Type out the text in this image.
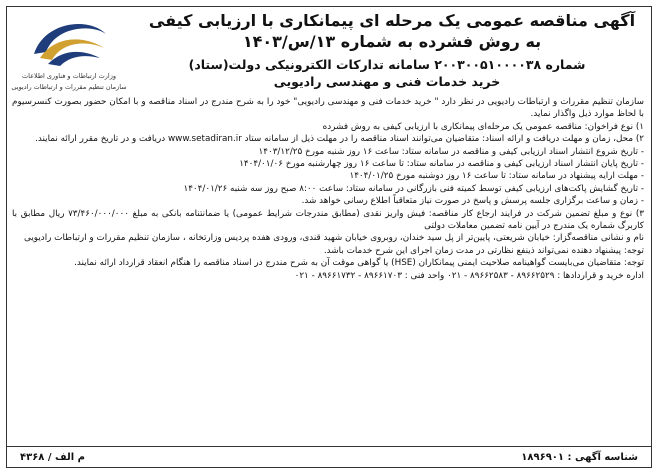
وزارت ارتباطات و فناوری اطلاعات
سازمان تنظیم مقررات و ارتباطات رادیویی
آگهی مناقصه عمومی یک مرحله ای پیمانکاری با ارزیابی کیفی به روش فشرده به شماره ۱۳/س/۱۴۰۳
شماره ۲۰۰۳۰۰۵۱۰۰۰۰۳۸ سامانه تدارکات الکترونیکی دولت(ستاد)
خرید خدمات فنی و مهندسی رادیویی

سازمان تنظیم مقررات و ارتباطات رادیویی در نظر دارد " خرید خدمات فنی و مهندسی رادیویی" خود را به شرح مندرج در اسناد مناقصه و با امکان حضور بصورت کنسرسیوم با لحاظ موارد ذیل واگذار نماید.

۱) نوع فراخوان: مناقصه عمومی یک مرحله‌ای پیمانکاری با ارزیابی کیفی به روش فشرده

۲) محل، زمان و مهلت دریافت و ارائه اسناد: متقاضیان می‌توانند اسناد مناقصه را در مهلت ذیل از سامانه ستاد www.setadiran.ir دریافت و در تاریخ مقرر ارائه نمایند.

- تاریخ شروع انتشار اسناد ارزیابی کیفی و مناقصه در سامانه ستاد: ساعت ۱۶ روز شنبه مورخ ۱۴۰۳/۱۲/۲۵

- تاریخ پایان انتشار اسناد ارزیابی کیفی و مناقصه در سامانه ستاد: تا ساعت ۱۶ روز چهارشنبه مورخ ۱۴۰۴/۰۱/۰۶

- مهلت ارایه پیشنهاد در سامانه ستاد: تا ساعت ۱۶ روز دوشنبه مورخ ۱۴۰۴/۰۱/۲۵

- تاریخ گشایش پاکت‌های ارزیابی کیفی توسط کمیته فنی بازرگانی در سامانه ستاد: ساعت ۸:۰۰ صبح روز سه شنبه ۱۴۰۴/۰۱/۲۶

- زمان و ساعت برگزاری جلسه پرسش و پاسخ در صورت نیاز متعاقباً اطلاع رسانی خواهد شد.

۳) نوع و مبلغ تضمین شرکت در فرایند ارجاع کار مناقصه: فیش واریز نقدی (مطابق مندرجات شرایط عمومی) یا ضمانتنامه بانکی به مبلغ ۷۳/۴۶۰/۰۰۰/۰۰۰ ریال مطابق با کاربرگ شماره یک مندرج در آیین نامه تضمین معاملات دولتی

نام و نشانی مناقصه‌گزار: خیابان شریعتی، پایین‌تر از پل سید خندان، روبروی خیابان شهید قندی، ورودی هفده پردیس وزارتخانه ، سازمان تنظیم مقررات و ارتباطات رادیویی

توجه: پیشنهاد دهنده نمی‌تواند ذینفع نظارتی در مدت زمان اجرای این شرح خدمات باشد.

توجه: متقاضیان می‌بایست گواهینامه صلاحیت ایمنی پیمانکاران (HSE) یا گواهی موقت آن به شرح مندرج در اسناد مناقصه را هنگام انعقاد قرارداد ارائه نمایند.

اداره خرید و قراردادها : ۸۹۶۶۲۵۲۹ - ۸۹۶۶۲۵۸۳ - ۰۲۱ واحد فنی : ۸۹۶۶۱۷۰۳ - ۸۹۶۶۱۷۳۲ - ۰۲۱

شناسه آگهی : ۱۸۹۶۹۰۱
م الف / ۴۳۶۸
